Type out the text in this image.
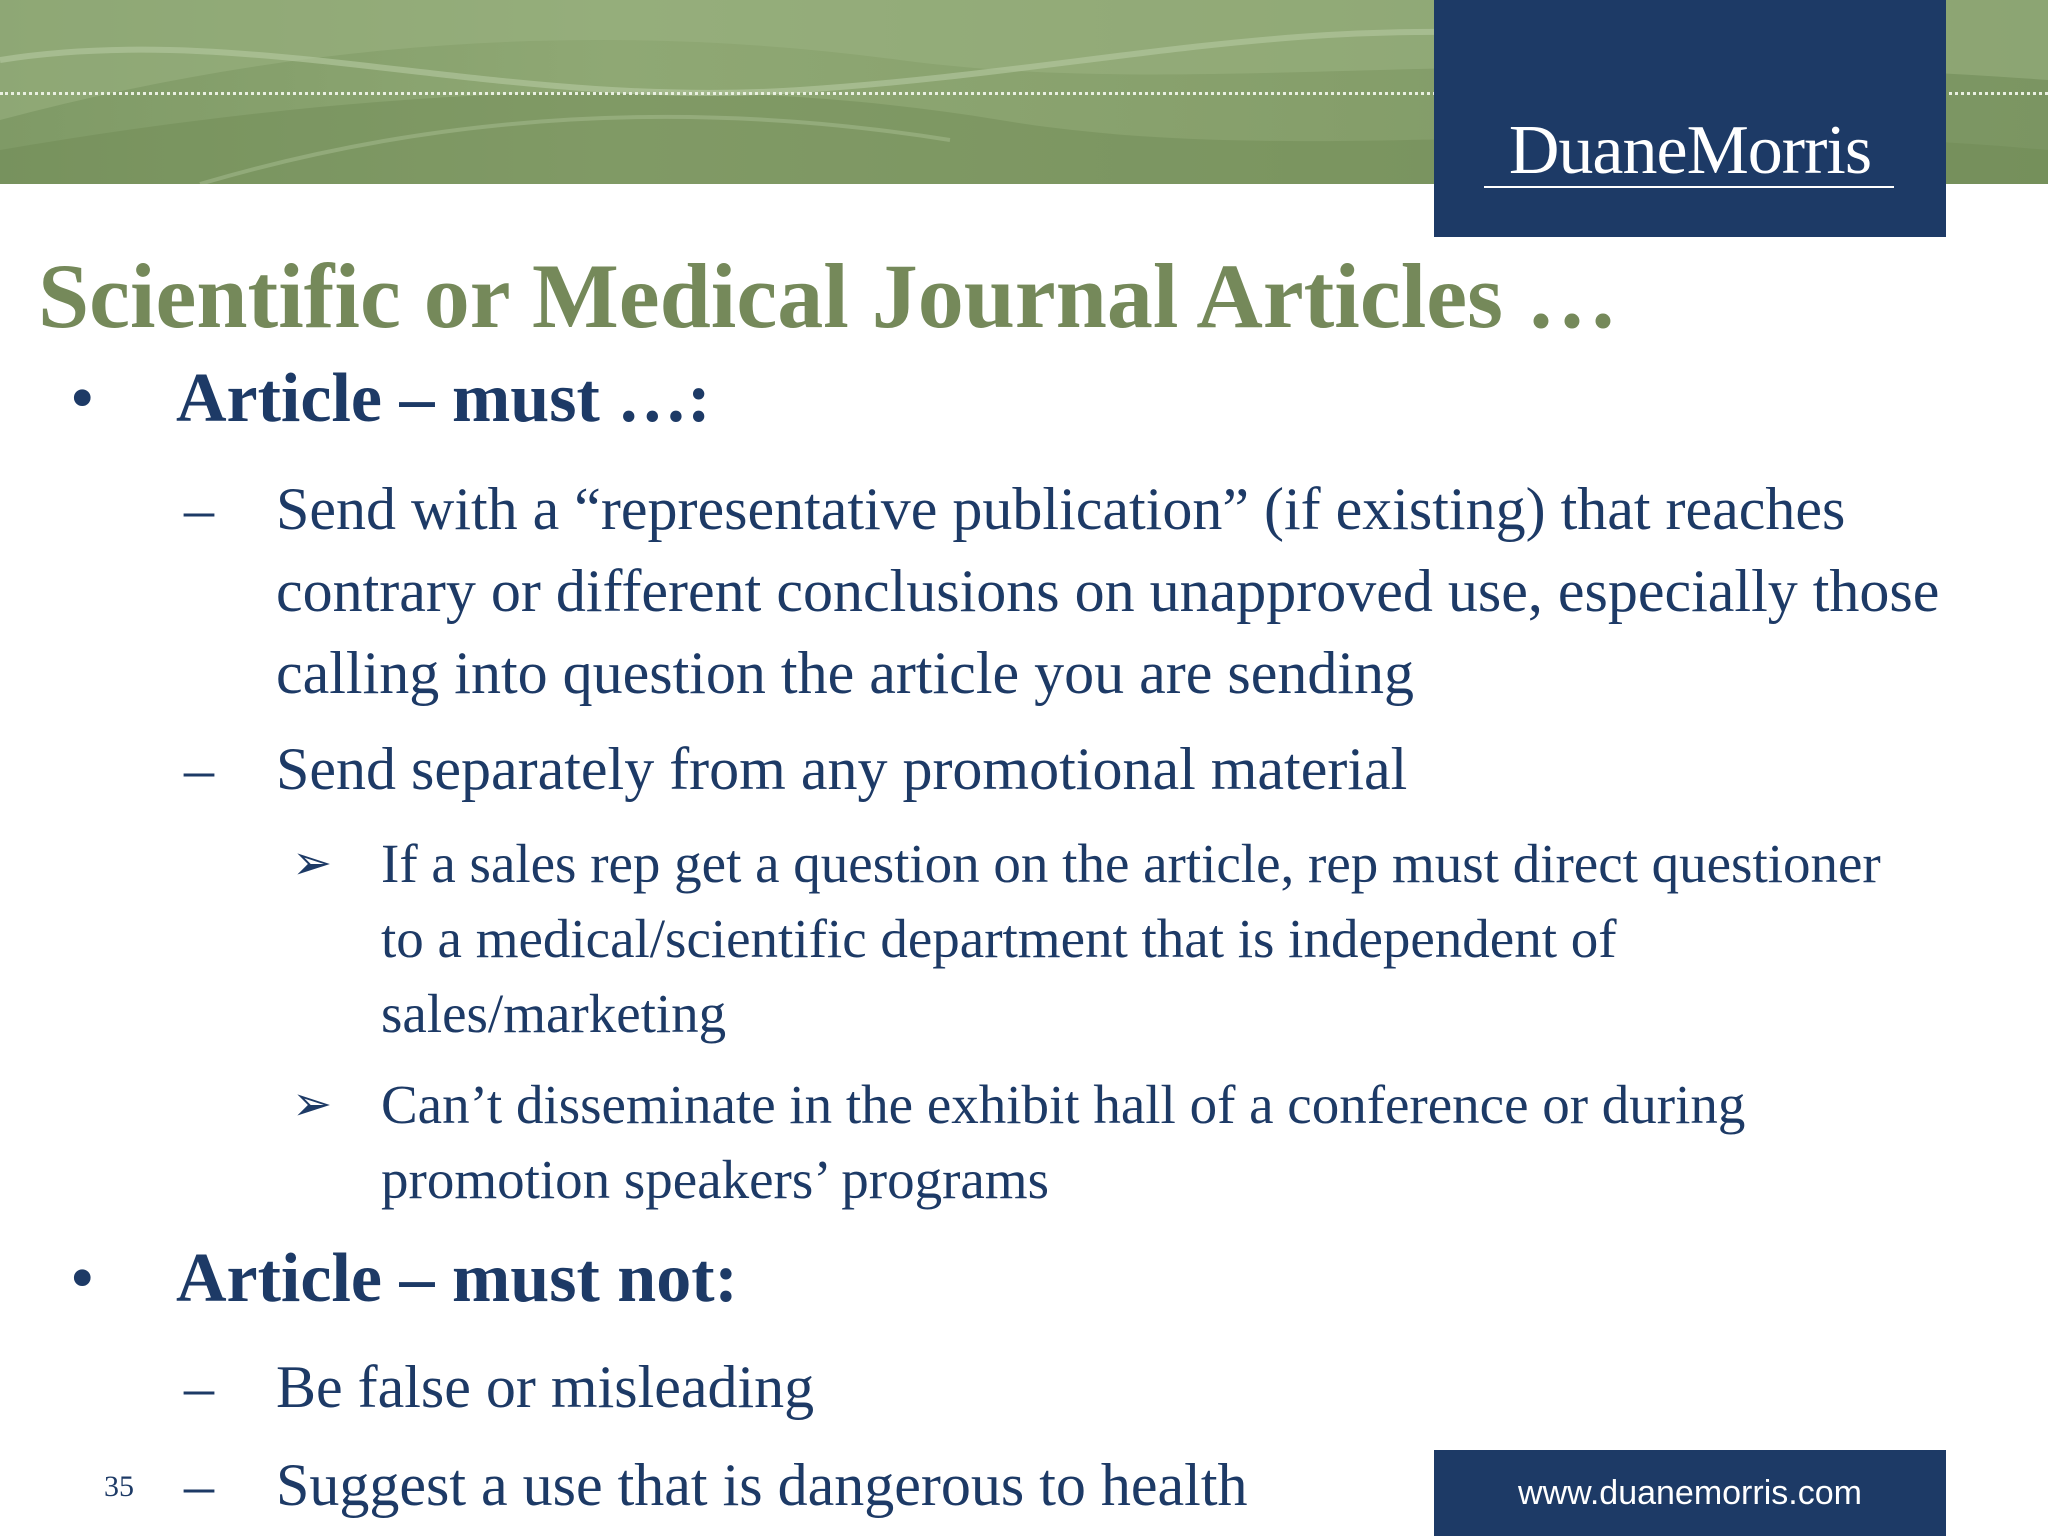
DuaneMorris
Scientific or Medical Journal Articles …
• Article – must …:
– Send with a “representative publication” (if existing) that reaches contrary or different conclusions on unapproved use, especially those calling into question the article you are sending
– Send separately from any promotional material
➢ If a sales rep get a question on the article, rep must direct questioner to a medical/scientific department that is independent of sales/marketing
➢ Can’t disseminate in the exhibit hall of a conference or during promotion speakers’ programs
• Article – must not:
– Be false or misleading
– Suggest a use that is dangerous to health
35	www.duanemorris.com
